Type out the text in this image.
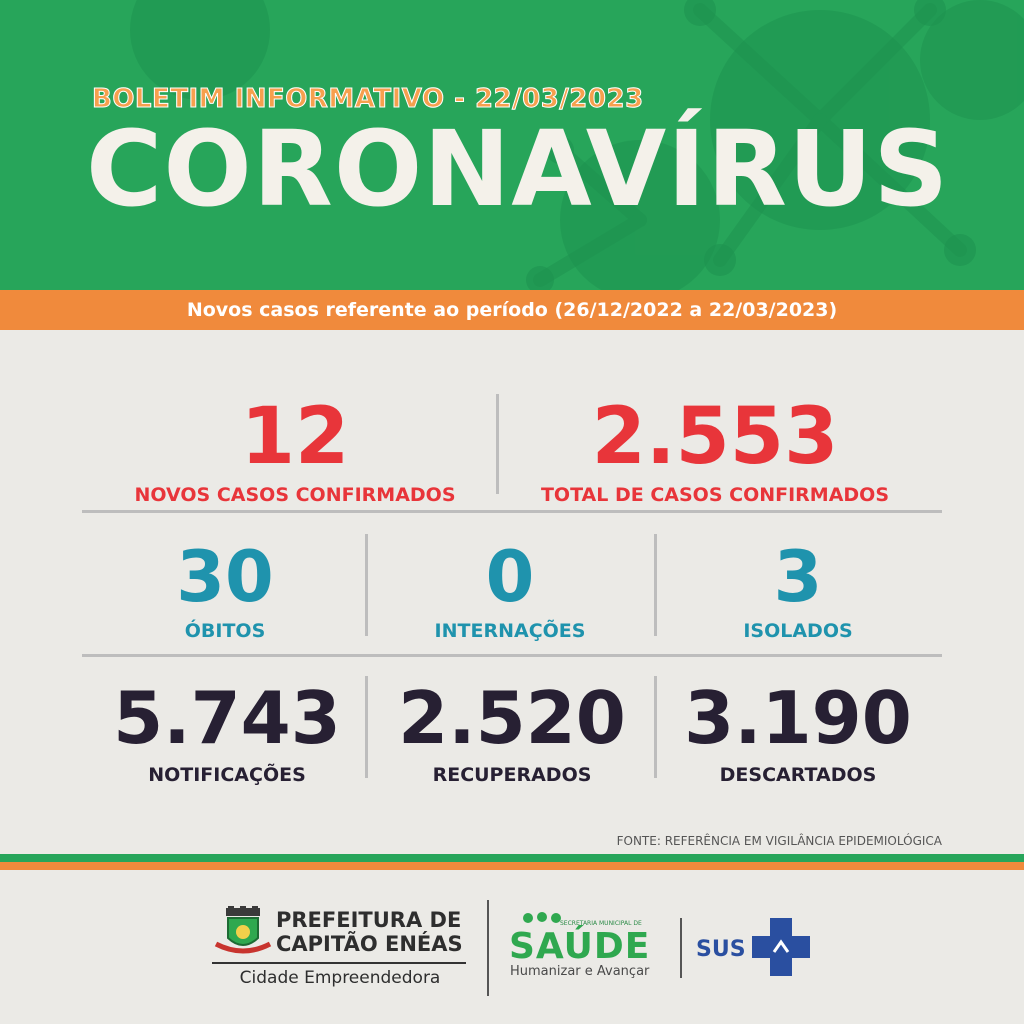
BOLETIM INFORMATIVO - 22/03/2023
CORONAVÍRUS
Novos casos referente ao período (26/12/2022 a 22/03/2023)
12
NOVOS CASOS CONFIRMADOS
2.553
TOTAL DE CASOS CONFIRMADOS
30
ÓBITOS
0
INTERNAÇÕES
3
ISOLADOS
5.743
NOTIFICAÇÕES
2.520
RECUPERADOS
3.190
DESCARTADOS
FONTE: REFERÊNCIA EM VIGILÂNCIA EPIDEMIOLÓGICA
PREFEITURA DE
CAPITÃO ENÉAS
Cidade Empreendedora
SECRETARIA MUNICIPAL DE
SAÚDE
Humanizar e Avançar
SUS
